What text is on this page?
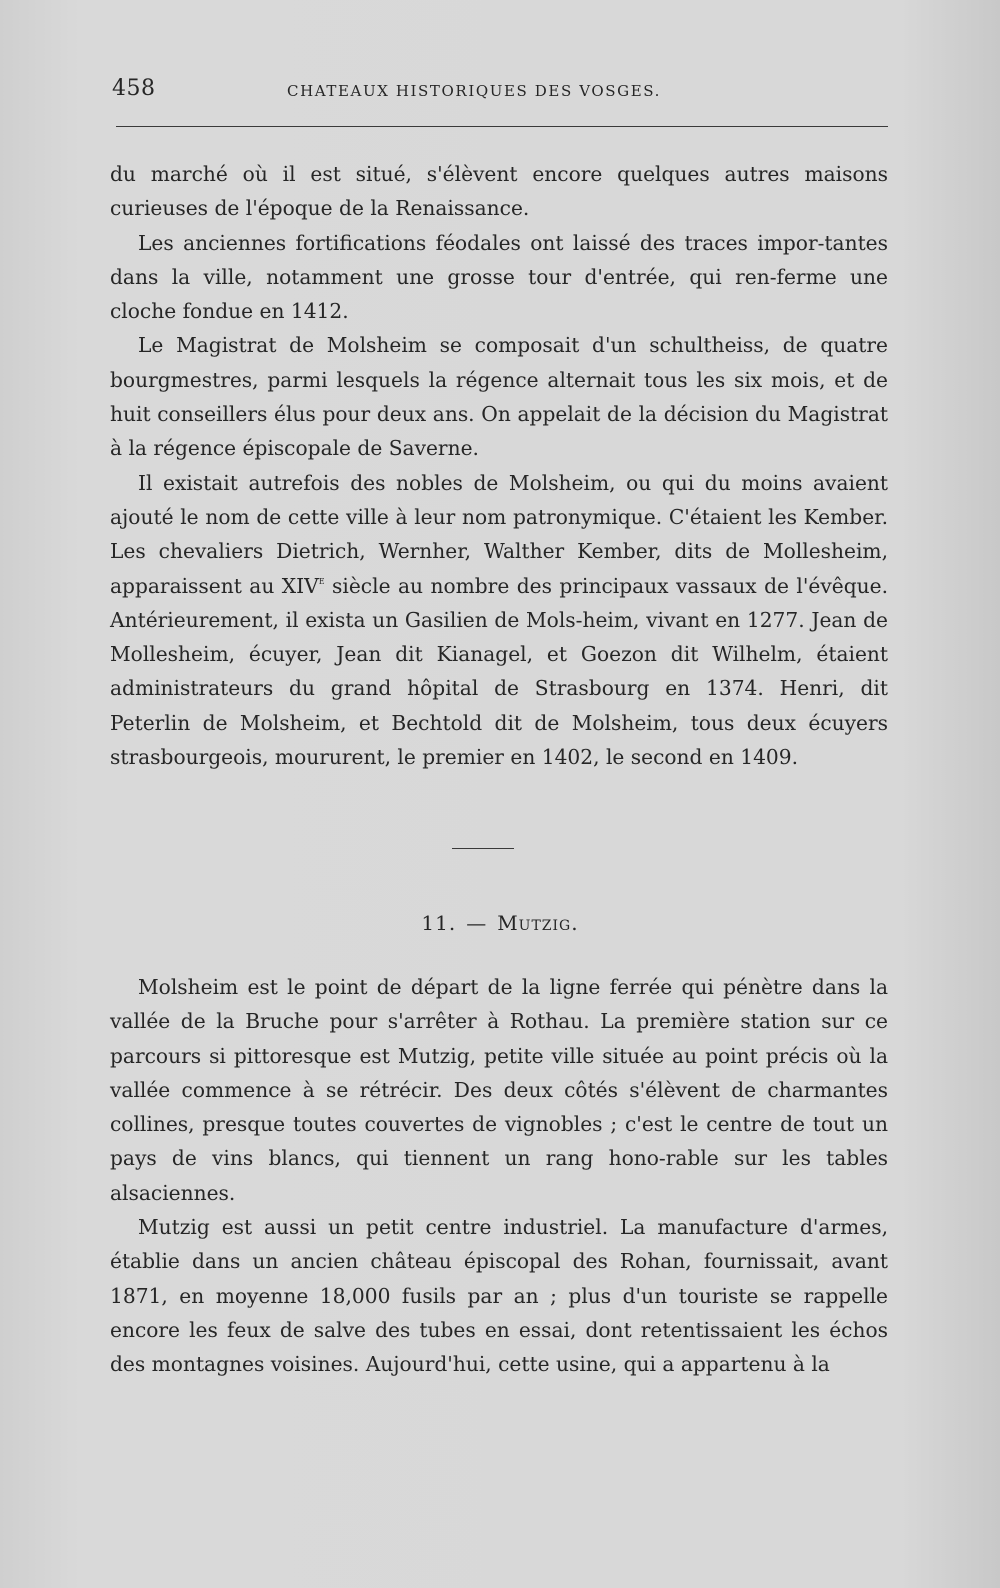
458	CHATEAUX HISTORIQUES DES VOSGES.

du marché où il est situé, s'élèvent encore quelques autres maisons curieuses de l'époque de la Renaissance.

Les anciennes fortifications féodales ont laissé des traces impor-tantes dans la ville, notamment une grosse tour d'entrée, qui ren-ferme une cloche fondue en 1412.

Le Magistrat de Molsheim se composait d'un schultheiss, de quatre bourgmestres, parmi lesquels la régence alternait tous les six mois, et de huit conseillers élus pour deux ans. On appelait de la décision du Magistrat à la régence épiscopale de Saverne.

Il existait autrefois des nobles de Molsheim, ou qui du moins avaient ajouté le nom de cette ville à leur nom patronymique. C'étaient les Kember. Les chevaliers Dietrich, Wernher, Walther Kember, dits de Mollesheim, apparaissent au XIVe siècle au nombre des principaux vassaux de l'évêque. Antérieurement, il exista un Gasilien de Mols-heim, vivant en 1277. Jean de Mollesheim, écuyer, Jean dit Kianagel, et Goezon dit Wilhelm, étaient administrateurs du grand hôpital de Strasbourg en 1374. Henri, dit Peterlin de Molsheim, et Bechtold dit de Molsheim, tous deux écuyers strasbourgeois, moururent, le premier en 1402, le second en 1409.

11. — Mutzig.

Molsheim est le point de départ de la ligne ferrée qui pénètre dans la vallée de la Bruche pour s'arrêter à Rothau. La première station sur ce parcours si pittoresque est Mutzig, petite ville située au point précis où la vallée commence à se rétrécir. Des deux côtés s'élèvent de charmantes collines, presque toutes couvertes de vignobles ; c'est le centre de tout un pays de vins blancs, qui tiennent un rang hono-rable sur les tables alsaciennes.

Mutzig est aussi un petit centre industriel. La manufacture d'armes, établie dans un ancien château épiscopal des Rohan, fournissait, avant 1871, en moyenne 18,000 fusils par an ; plus d'un touriste se rappelle encore les feux de salve des tubes en essai, dont retentissaient les échos des montagnes voisines. Aujourd'hui, cette usine, qui a appartenu à la
